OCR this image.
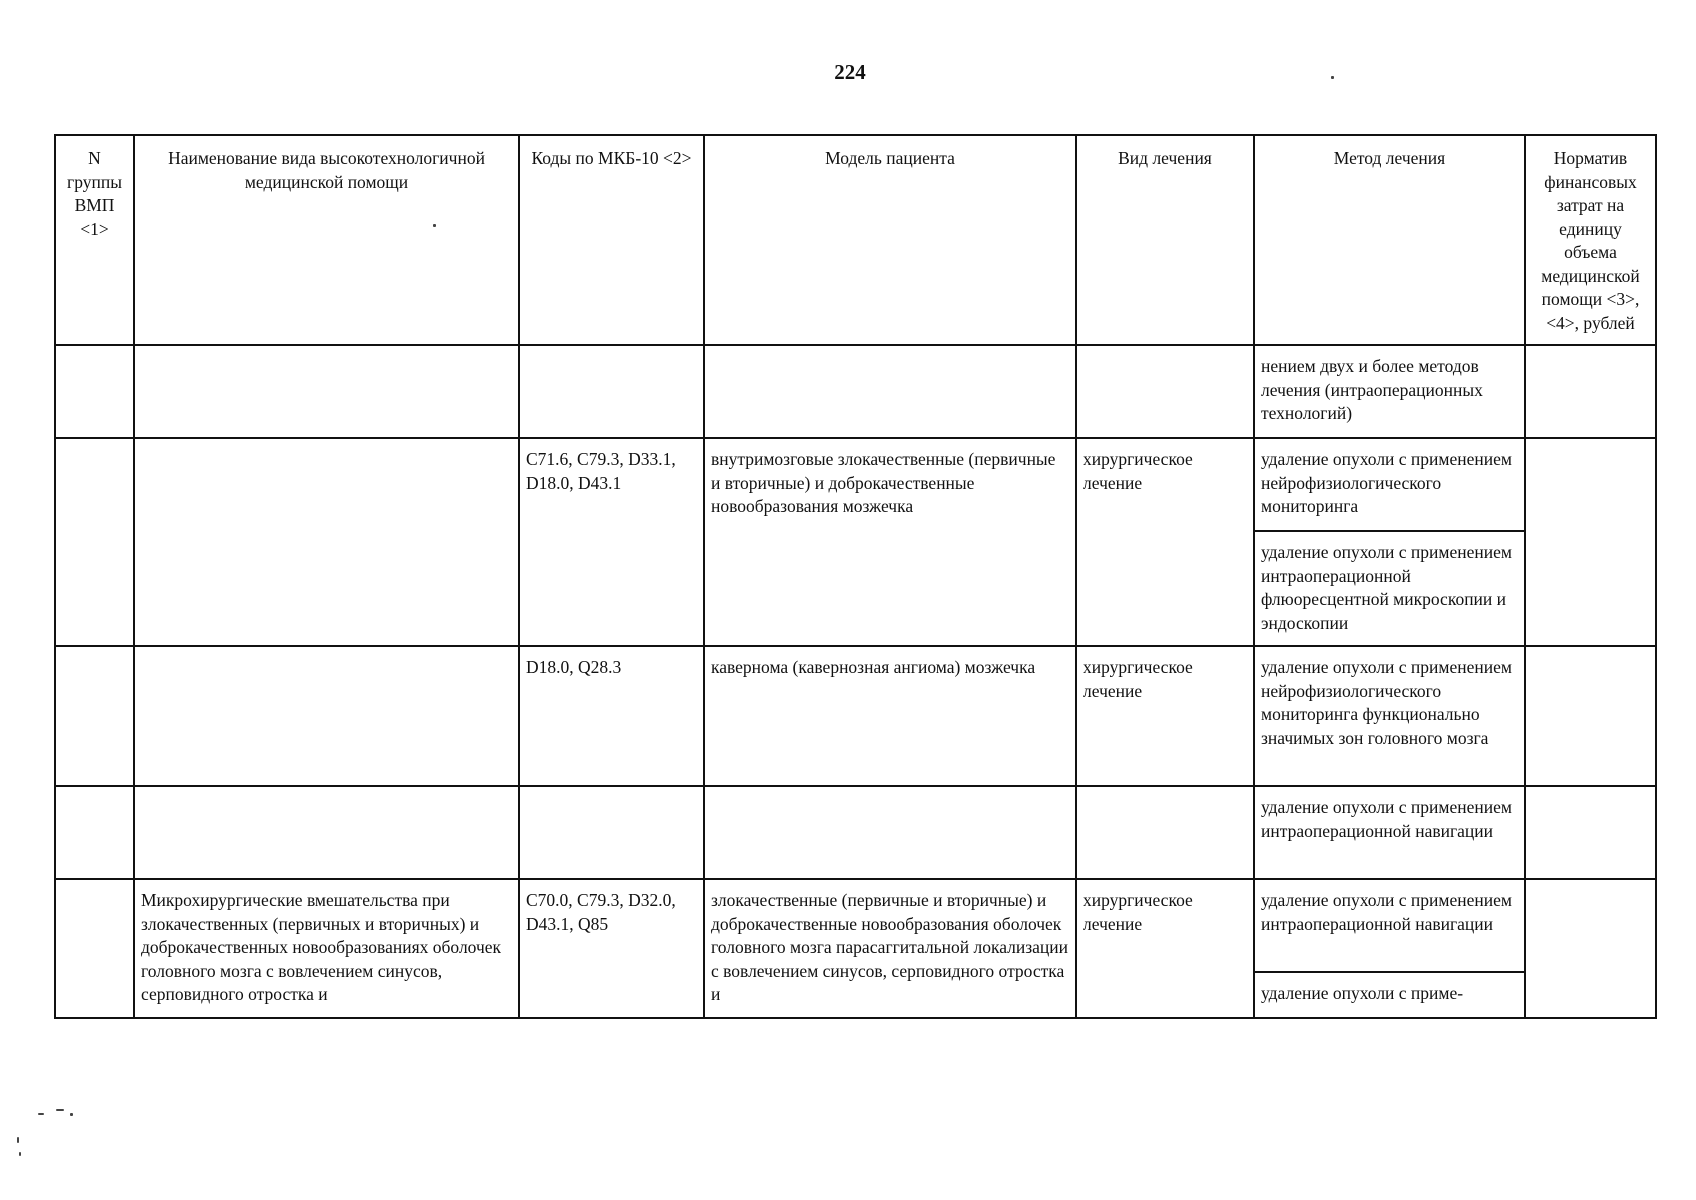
224
N группы ВМП <1>	Наименование вида высокотехнологичной медицинской помощи	Коды по МКБ-10 <2>	Модель пациента	Вид лечения	Метод лечения	Норматив финансовых затрат на единицу объема медицинской помощи <3>, <4>, рублей
					нением двух и более методов лечения (интраоперационных технологий)	
		C71.6, C79.3, D33.1, D18.0, D43.1	внутримозговые злокачественные (первичные и вторичные) и доброкачественные новообразования мозжечка	хирургическое лечение	удаление опухоли с применением нейрофизиологического мониторинга	
					удаление опухоли с применением интраоперационной флюоресцентной микроскопии и эндоскопии	
		D18.0, Q28.3	кавернома (кавернозная ангиома) мозжечка	хирургическое лечение	удаление опухоли с применением нейрофизиологического мониторинга функционально значимых зон головного мозга	
					удаление опухоли с применением интраоперационной навигации	
	Микрохирургические вмешательства при злокачественных (первичных и вторичных) и доброкачественных новообразованиях оболочек головного мозга с вовлечением синусов, серповидного отростка и	C70.0, C79.3, D32.0, D43.1, Q85	злокачественные (первичные и вторичные) и доброкачественные новообразования оболочек головного мозга парасаггитальной локализации с вовлечением синусов, серповидного отростка и	хирургическое лечение	удаление опухоли с применением интраоперационной навигации	
					удаление опухоли с приме-	
